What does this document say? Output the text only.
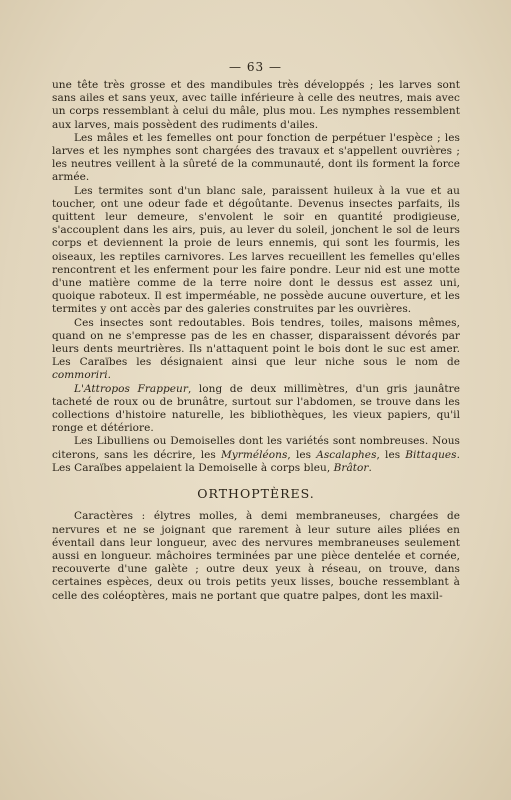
— 63 —

une tête très grosse et des mandibules très développés ; les larves sont sans ailes et sans yeux, avec taille inférieure à celle des neutres, mais avec un corps ressemblant à celui du mâle, plus mou. Les nymphes ressemblent aux larves, mais possèdent des rudiments d'ailes.

Les mâles et les femelles ont pour fonction de perpétuer l'espèce ; les larves et les nymphes sont chargées des travaux et s'appellent ouvrières ; les neutres veillent à la sûreté de la communauté, dont ils forment la force armée.

Les termites sont d'un blanc sale, paraissent huileux à la vue et au toucher, ont une odeur fade et dégoûtante. Devenus insectes parfaits, ils quittent leur demeure, s'envolent le soir en quantité prodigieuse, s'accouplent dans les airs, puis, au lever du soleil, jonchent le sol de leurs corps et deviennent la proie de leurs ennemis, qui sont les fourmis, les oiseaux, les reptiles carnivores. Les larves recueillent les femelles qu'elles rencontrent et les enferment pour les faire pondre. Leur nid est une motte d'une matière comme de la terre noire dont le dessus est assez uni, quoique raboteux. Il est imperméable, ne possède aucune ouverture, et les termites y ont accès par des galeries construites par les ouvrières.

Ces insectes sont redoutables. Bois tendres, toiles, maisons mêmes, quand on ne s'empresse pas de les en chasser, disparaissent dévorés par leurs dents meurtrières. Ils n'attaquent point le bois dont le suc est amer. Les Caraïbes les désignaient ainsi que leur niche sous le nom de commoriri.

L'Attropos Frappeur, long de deux millimètres, d'un gris jaunâtre tacheté de roux ou de brunâtre, surtout sur l'abdomen, se trouve dans les collections d'histoire naturelle, les bibliothèques, les vieux papiers, qu'il ronge et détériore.

Les Libulliens ou Demoiselles dont les variétés sont nombreuses. Nous citerons, sans les décrire, les Myrméléons, les Ascalaphes, les Bittaques. Les Caraïbes appelaient la Demoiselle à corps bleu, Brâtor.

ORTHOPTÈRES.

Caractères : élytres molles, à demi membraneuses, chargées de nervures et ne se joignant que rarement à leur suture ailes pliées en éventail dans leur longueur, avec des nervures membraneuses seulement aussi en longueur. mâchoires terminées par une pièce dentelée et cornée, recouverte d'une galète ; outre deux yeux à réseau, on trouve, dans certaines espèces, deux ou trois petits yeux lisses, bouche ressemblant à celle des coléoptères, mais ne portant que quatre palpes, dont les maxil-
